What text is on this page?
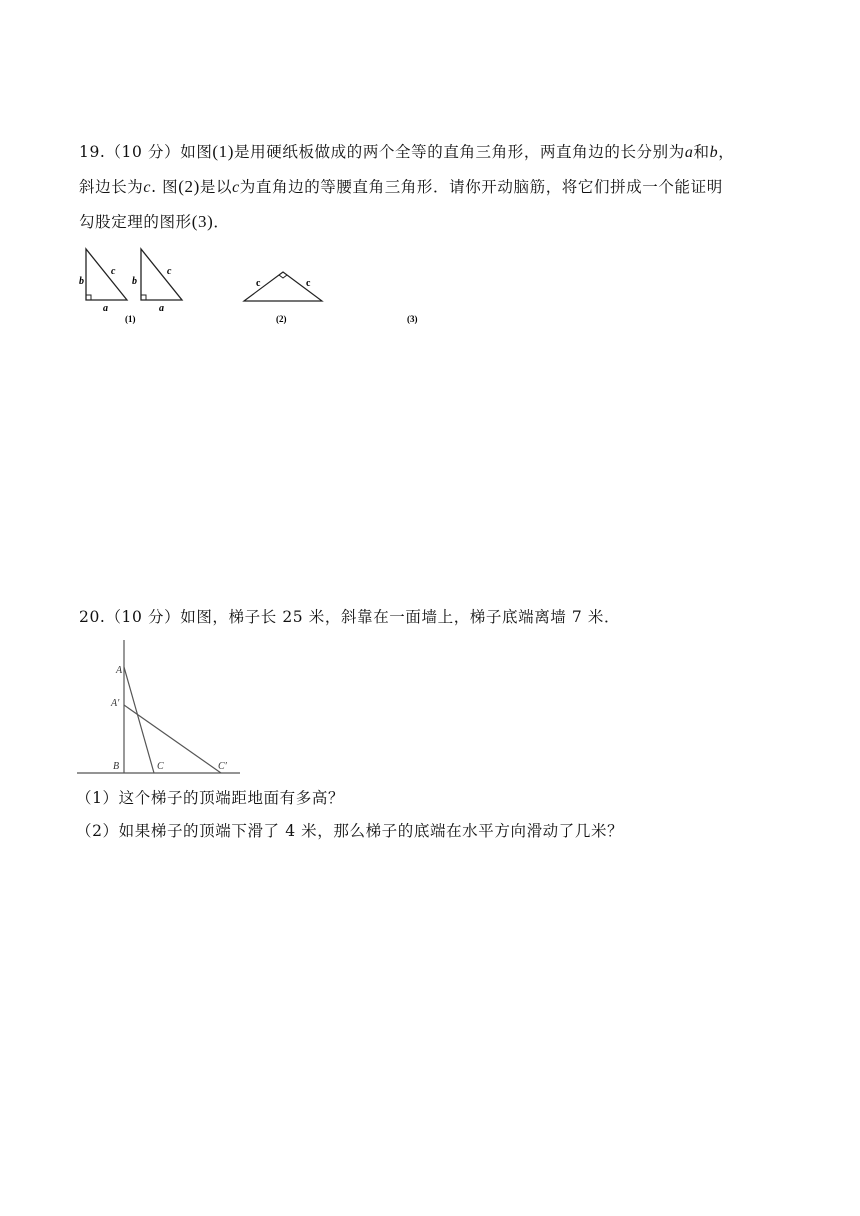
19.（10 分）如图(1)是用硬纸板做成的两个全等的直角三角形，两直角边的长分别为a和b，
斜边长为c. 图(2)是以c为直角边的等腰直角三角形．请你开动脑筋，将它们拼成一个能证明
勾股定理的图形(3)．
b
c
a
b
c
a
(1)
c	c
(2)	(3)
20.（10 分）如图，梯子长 25 米，斜靠在一面墙上，梯子底端离墙 7 米．
A
A′
B	C	C′
（1）这个梯子的顶端距地面有多高？
（2）如果梯子的顶端下滑了 4 米，那么梯子的底端在水平方向滑动了几米？
